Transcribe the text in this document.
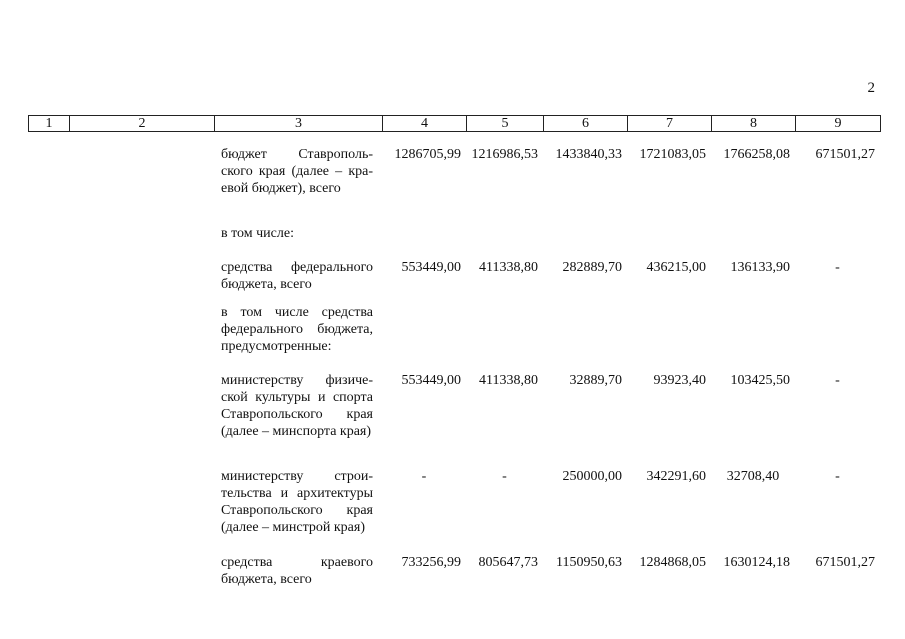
2
1	2	3	4	5	6	7	8	9
		бюджет Ставрополь-ского края (далее – кра-евой бюджет), всего	1286705,99	1216986,53	1433840,33	1721083,05	1766258,08	671501,27
		в том числе:						
		средства федерального бюджета, всего	553449,00	411338,80	282889,70	436215,00	136133,90	-
		в том числе средства федерального бюджета, предусмотренные:						
		министерству физиче-ской культуры и спорта Ставропольского края (далее – минспорта края)	553449,00	411338,80	32889,70	93923,40	103425,50	-
		министерству строи-тельства и архитектуры Ставропольского края (далее – минстрой края)	-	-	250000,00	342291,60	32708,40	-
		средства краевого бюджета, всего	733256,99	805647,73	1150950,63	1284868,05	1630124,18	671501,27
